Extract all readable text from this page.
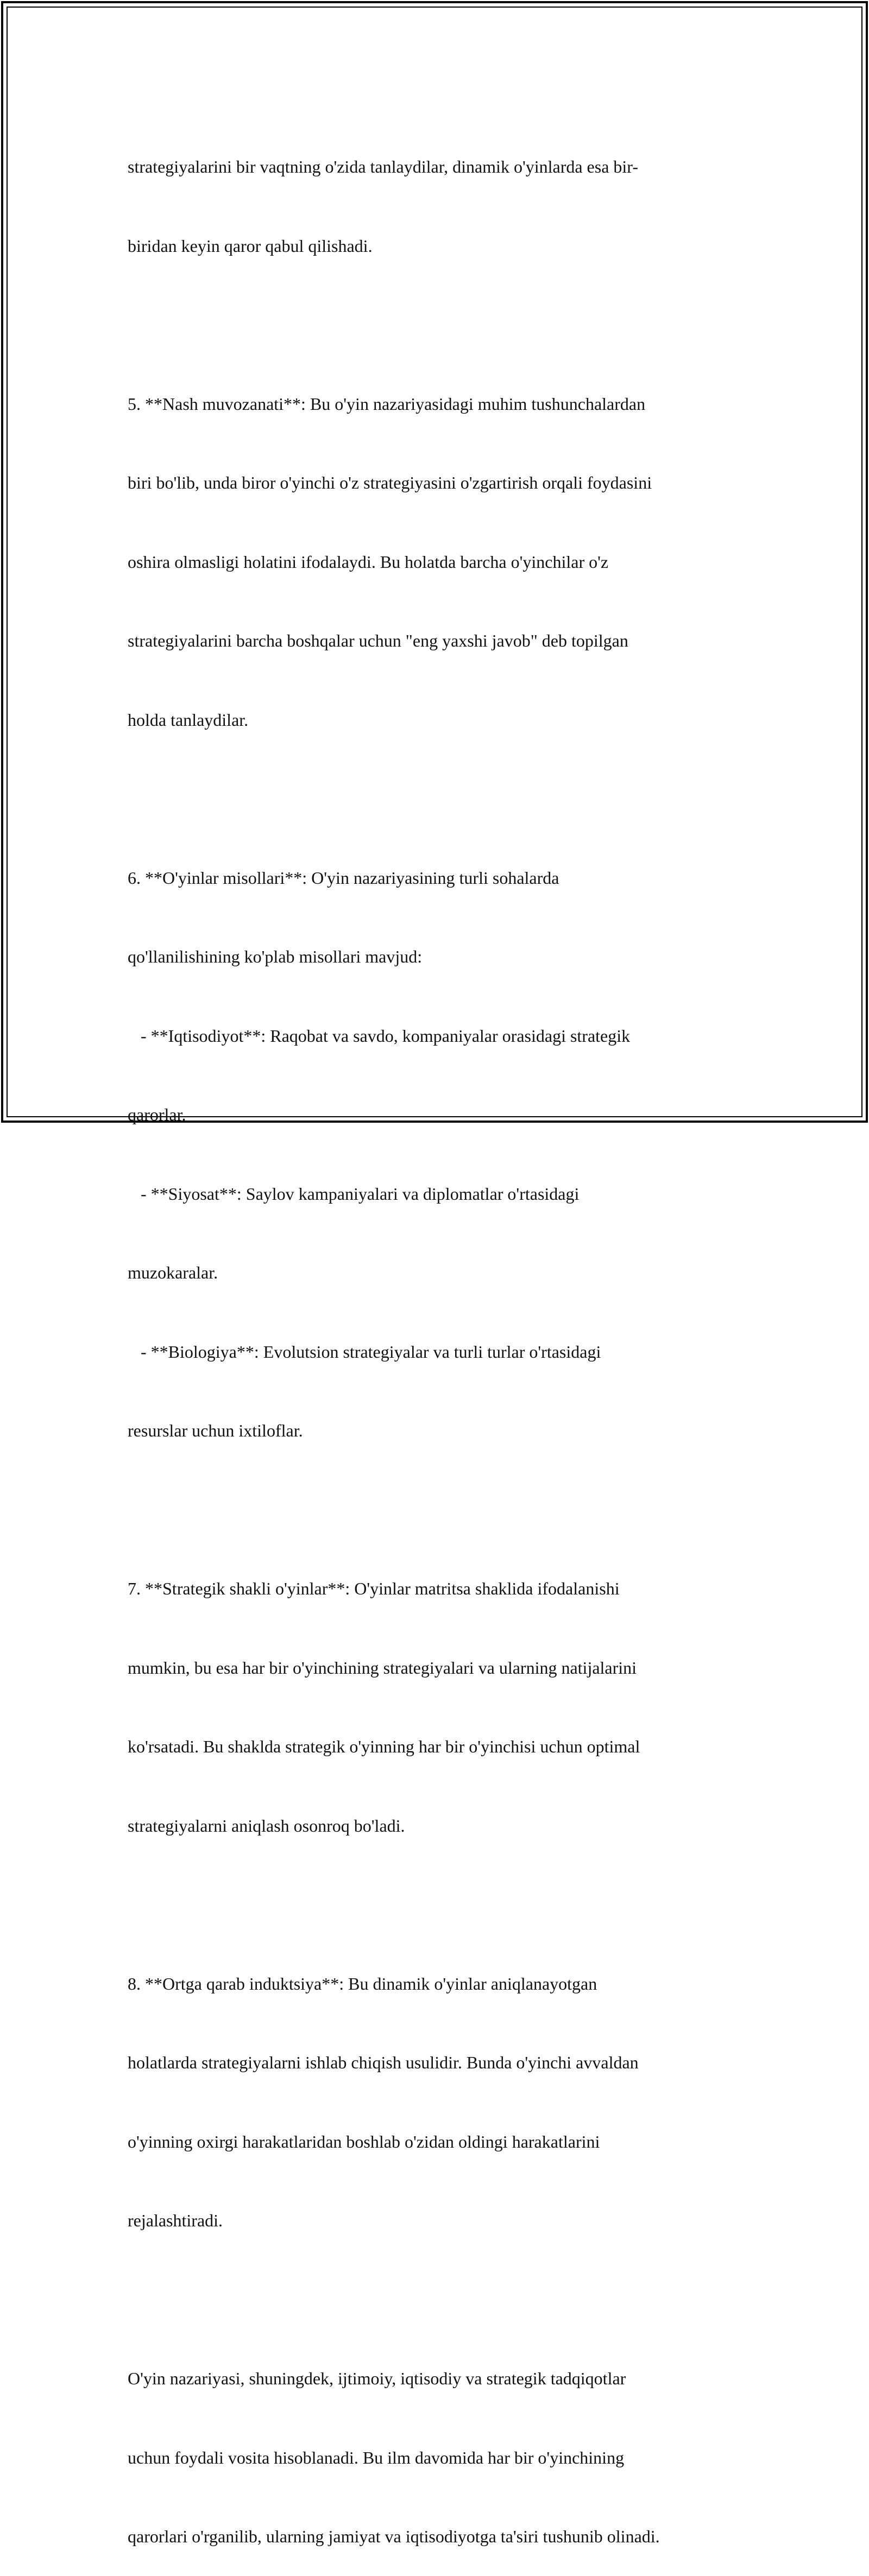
strategiyalarini bir vaqtning o'zida tanlaydilar, dinamik o'yinlarda esa bir-

biridan keyin qaror qabul qilishadi.

5. **Nash muvozanati**: Bu o'yin nazariyasidagi muhim tushunchalardan

biri bo'lib, unda biror o'yinchi o'z strategiyasini o'zgartirish orqali foydasini

oshira olmasligi holatini ifodalaydi. Bu holatda barcha o'yinchilar o'z

strategiyalarini barcha boshqalar uchun "eng yaxshi javob" deb topilgan

holda tanlaydilar.

6. **O'yinlar misollari**: O'yin nazariyasining turli sohalarda

qo'llanilishining ko'plab misollari mavjud:

- **Iqtisodiyot**: Raqobat va savdo, kompaniyalar orasidagi strategik

qarorlar.

- **Siyosat**: Saylov kampaniyalari va diplomatlar o'rtasidagi

muzokaralar.

- **Biologiya**: Evolutsion strategiyalar va turli turlar o'rtasidagi

resurslar uchun ixtiloflar.

7. **Strategik shakli o'yinlar**: O'yinlar matritsa shaklida ifodalanishi

mumkin, bu esa har bir o'yinchining strategiyalari va ularning natijalarini

ko'rsatadi. Bu shaklda strategik o'yinning har bir o'yinchisi uchun optimal

strategiyalarni aniqlash osonroq bo'ladi.

8. **Ortga qarab induktsiya**: Bu dinamik o'yinlar aniqlanayotgan

holatlarda strategiyalarni ishlab chiqish usulidir. Bunda o'yinchi avvaldan

o'yinning oxirgi harakatlaridan boshlab o'zidan oldingi harakatlarini

rejalashtiradi.

O'yin nazariyasi, shuningdek, ijtimoiy, iqtisodiy va strategik tadqiqotlar

uchun foydali vosita hisoblanadi. Bu ilm davomida har bir o'yinchining

qarorlari o'rganilib, ularning jamiyat va iqtisodiyotga ta'siri tushunib olinadi.
